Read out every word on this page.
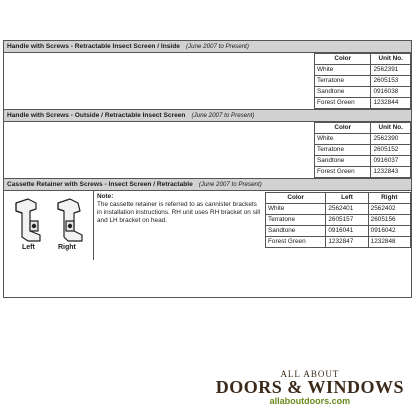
Handle with Screws - Retractable Insect Screen / Inside (June 2007 to Present)
Color	Unit No.
White	2562391
Terratone	2605153
Sandtone	0916038
Forest Green	1232844
Handle with Screws - Outside / Retractable Insect Screen (June 2007 to Present)
Color	Unit No.
White	2562390
Terratone	2605152
Sandtone	0916037
Forest Green	1232843
Cassette Retainer with Screws - Insect Screen / Retractable (June 2007 to Present)
Left	Right
Note:
The cassette retainer is referred to as cannister brackets in installation instructions. RH unit uses RH bracket on sill and LH bracket on head.
Color	Left	Right
White	2562401	2562402
Terratone	2605157	2605156
Sandtone	0916041	0916042
Forest Green	1232847	1232848
ALL ABOUT
DOORS & WINDOWS
allaboutdoors.com
